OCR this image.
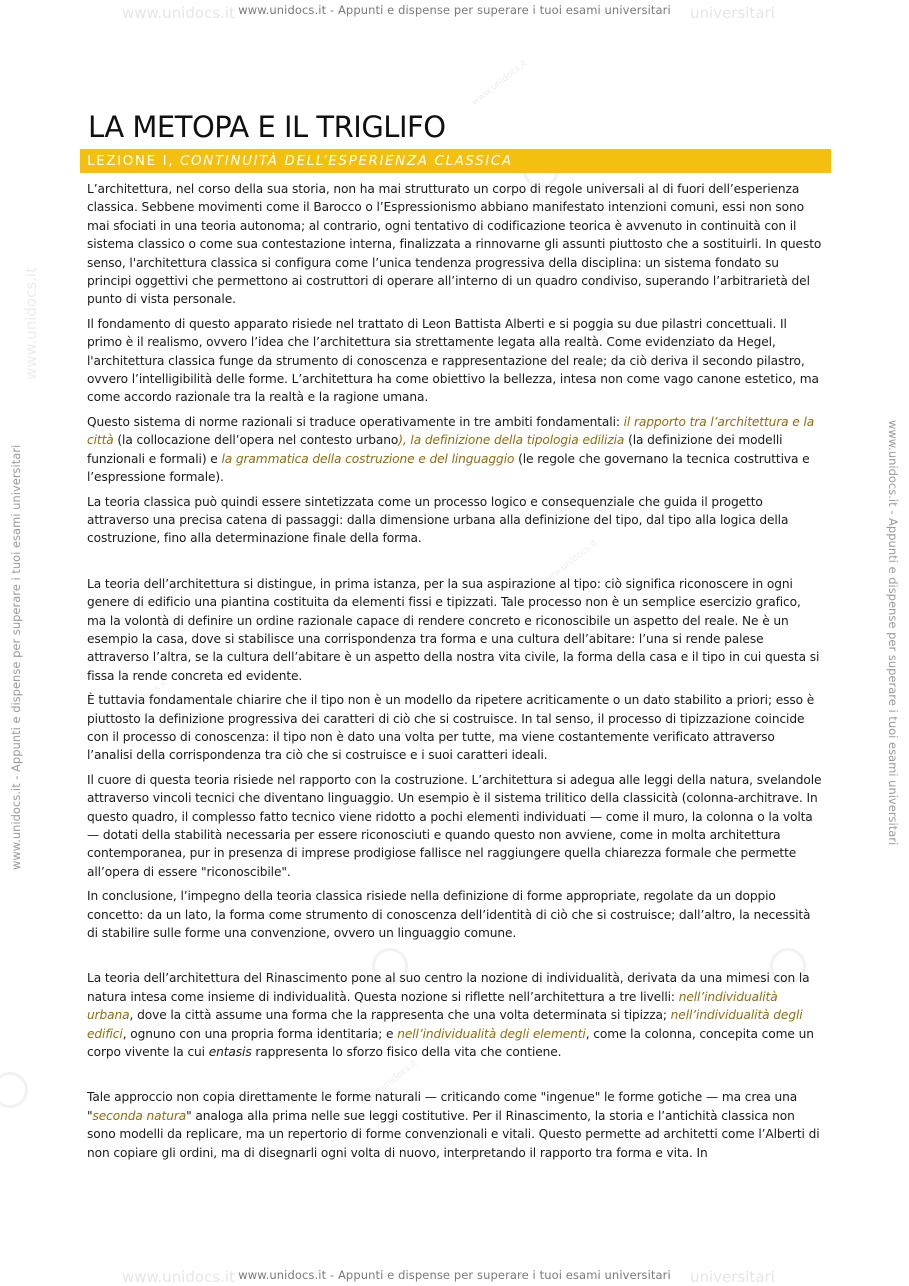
www.unidocs.it	universitari
www.unidocs.it	universitari
www.unidocs.it
www.unidocs.it
www.unidocs.it
www.unidocs.it
www.unidocs.it
www.unidocs.it - Appunti e dispense per superare i tuoi esami universitari
www.unidocs.it - Appunti e dispense per superare i tuoi esami universitari
www.unidocs.it - Appunti e dispense per superare i tuoi esami universitari	www.unidocs.it - Appunti e dispense per superare i tuoi esami universitari
LA METOPA E IL TRIGLIFO
LEZIONE I, CONTINUITÀ DELL’ESPERIENZA CLASSICA

L’architettura, nel corso della sua storia, non ha mai strutturato un corpo di regole universali al di fuori dell’esperienza classica. Sebbene movimenti come il Barocco o l’Espressionismo abbiano manifestato intenzioni comuni, essi non sono mai sfociati in una teoria autonoma; al contrario, ogni tentativo di codificazione teorica è avvenuto in continuità con il sistema classico o come sua contestazione interna, finalizzata a rinnovarne gli assunti piuttosto che a sostituirli. In questo senso, l'architettura classica si configura come l’unica tendenza progressiva della disciplina: un sistema fondato su principi oggettivi che permettono ai costruttori di operare all’interno di un quadro condiviso, superando l’arbitrarietà del punto di vista personale.

Il fondamento di questo apparato risiede nel trattato di Leon Battista Alberti e si poggia su due pilastri concettuali. Il primo è il realismo, ovvero l’idea che l’architettura sia strettamente legata alla realtà. Come evidenziato da Hegel, l'architettura classica funge da strumento di conoscenza e rappresentazione del reale; da ciò deriva il secondo pilastro, ovvero l’intelligibilità delle forme. L’architettura ha come obiettivo la bellezza, intesa non come vago canone estetico, ma come accordo razionale tra la realtà e la ragione umana.

Questo sistema di norme razionali si traduce operativamente in tre ambiti fondamentali: il rapporto tra l’architettura e la città (la collocazione dell’opera nel contesto urbano), la definizione della tipologia edilizia (la definizione dei modelli funzionali e formali) e la grammatica della costruzione e del linguaggio (le regole che governano la tecnica costruttiva e l’espressione formale).

La teoria classica può quindi essere sintetizzata come un processo logico e consequenziale che guida il progetto attraverso una precisa catena di passaggi: dalla dimensione urbana alla definizione del tipo, dal tipo alla logica della costruzione, fino alla determinazione finale della forma.

La teoria dell’architettura si distingue, in prima istanza, per la sua aspirazione al tipo: ciò significa riconoscere in ogni genere di edificio una piantina costituita da elementi fissi e tipizzati. Tale processo non è un semplice esercizio grafico, ma la volontà di definire un ordine razionale capace di rendere concreto e riconoscibile un aspetto del reale. Ne è un esempio la casa, dove si stabilisce una corrispondenza tra forma e una cultura dell’abitare: l’una si rende palese attraverso l’altra, se la cultura dell’abitare è un aspetto della nostra vita civile, la forma della casa e il tipo in cui questa si fissa la rende concreta ed evidente.

È tuttavia fondamentale chiarire che il tipo non è un modello da ripetere acriticamente o un dato stabilito a priori; esso è piuttosto la definizione progressiva dei caratteri di ciò che si costruisce. In tal senso, il processo di tipizzazione coincide con il processo di conoscenza: il tipo non è dato una volta per tutte, ma viene costantemente verificato attraverso l’analisi della corrispondenza tra ciò che si costruisce e i suoi caratteri ideali.

Il cuore di questa teoria risiede nel rapporto con la costruzione. L’architettura si adegua alle leggi della natura, svelandole attraverso vincoli tecnici che diventano linguaggio. Un esempio è il sistema trilitico della classicità (colonna-architrave. In questo quadro, il complesso fatto tecnico viene ridotto a pochi elementi individuati — come il muro, la colonna o la volta — dotati della stabilità necessaria per essere riconosciuti e quando questo non avviene, come in molta architettura contemporanea, pur in presenza di imprese prodigiose fallisce nel raggiungere quella chiarezza formale che permette all’opera di essere "riconoscibile".

In conclusione, l’impegno della teoria classica risiede nella definizione di forme appropriate, regolate da un doppio concetto: da un lato, la forma come strumento di conoscenza dell’identità di ciò che si costruisce; dall’altro, la necessità di stabilire sulle forme una convenzione, ovvero un linguaggio comune.

La teoria dell’architettura del Rinascimento pone al suo centro la nozione di individualità, derivata da una mimesi con la natura intesa come insieme di individualità. Questa nozione si riflette nell’architettura a tre livelli: nell’individualità urbana, dove la città assume una forma che la rappresenta che una volta determinata si tipizza; nell’individualità degli edifici, ognuno con una propria forma identitaria; e nell’individualità degli elementi, come la colonna, concepita come un corpo vivente la cui entasis rappresenta lo sforzo fisico della vita che contiene.

Tale approccio non copia direttamente le forme naturali — criticando come "ingenue" le forme gotiche — ma crea una "seconda natura" analoga alla prima nelle sue leggi costitutive. Per il Rinascimento, la storia e l’antichità classica non sono modelli da replicare, ma un repertorio di forme convenzionali e vitali. Questo permette ad architetti come l’Alberti di non copiare gli ordini, ma di disegnarli ogni volta di nuovo, interpretando il rapporto tra forma e vita. In
